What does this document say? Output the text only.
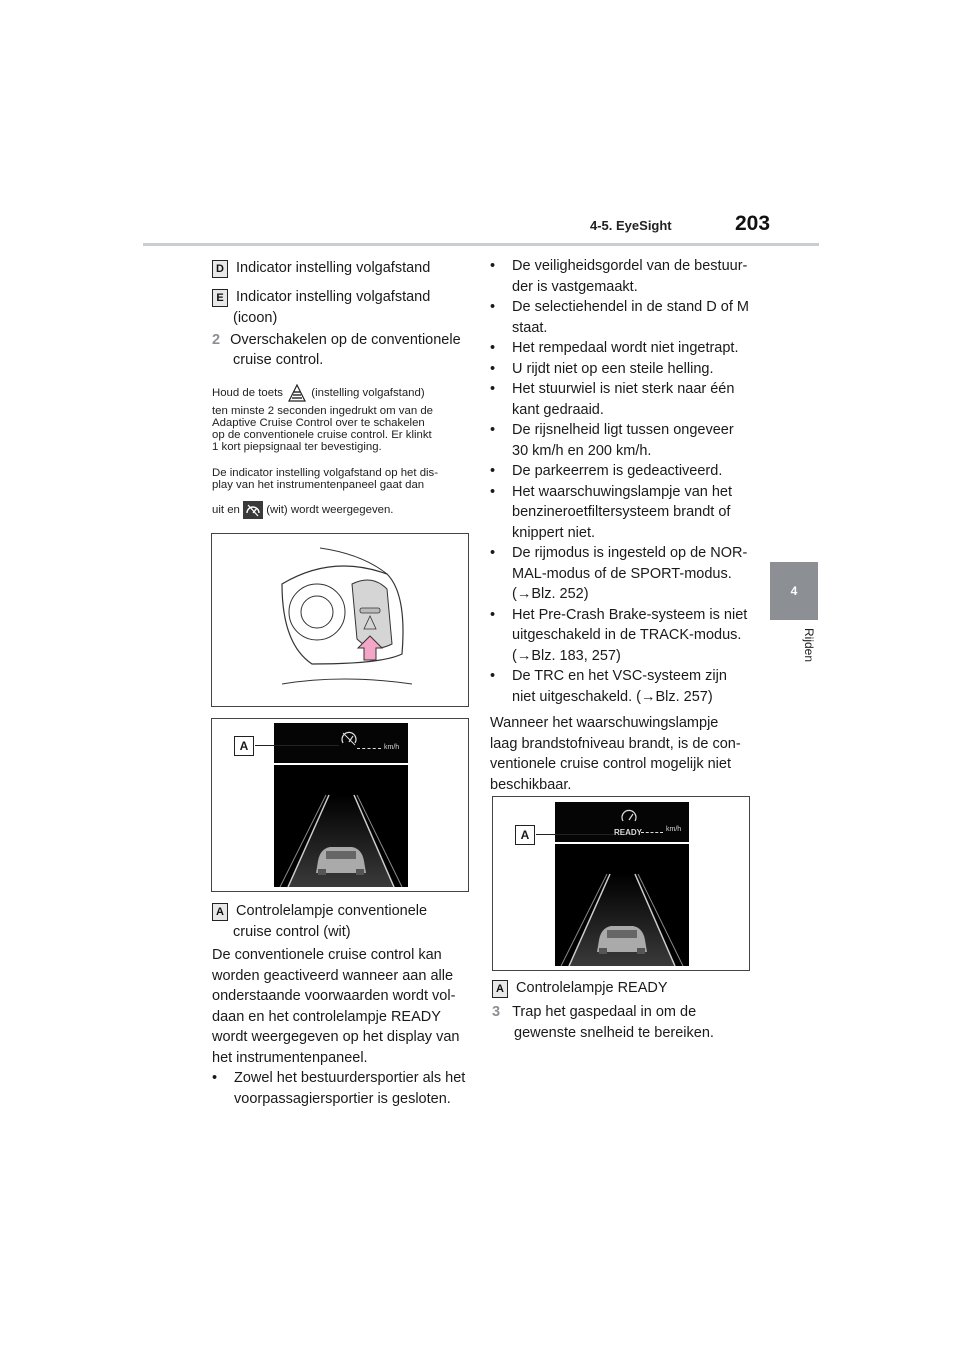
4-5. EyeSight	203
4
Rijden
D Indicator instelling volgafstand
E Indicator instelling volgafstand
(icoon)
2 Overschakelen op de conventionele
cruise control.
Houd de toets (instelling volgafstand)
ten minste 2 seconden ingedrukt om van de
Adaptive Cruise Control over te schakelen
op de conventionele cruise control. Er klinkt
1 kort piepsignaal ter bevestiging.
De indicator instelling volgafstand op het dis-
play van het instrumentenpaneel gaat dan
uit en (wit) wordt weergegeven.
km/h
A
A Controlelampje conventionele
cruise control (wit)
De conventionele cruise control kan
worden geactiveerd wanneer aan alle
onderstaande voorwaarden wordt vol-
daan en het controlelampje READY
wordt weergegeven op het display van
het instrumentenpaneel.
• Zowel het bestuurdersportier als het
voorpassagiersportier is gesloten.
• De veiligheidsgordel van de bestuur-
der is vastgemaakt.
• De selectiehendel in de stand D of M
staat.
• Het rempedaal wordt niet ingetrapt.
• U rijdt niet op een steile helling.
• Het stuurwiel is niet sterk naar één
kant gedraaid.
• De rijsnelheid ligt tussen ongeveer
30 km/h en 200 km/h.
• De parkeerrem is gedeactiveerd.
• Het waarschuwingslampje van het
benzineroetfiltersysteem brandt of
knippert niet.
• De rijmodus is ingesteld op de NOR-
MAL-modus of de SPORT-modus.
(→Blz. 252)
• Het Pre-Crash Brake-systeem is niet
uitgeschakeld in de TRACK-modus.
(→Blz. 183, 257)
• De TRC en het VSC-systeem zijn
niet uitgeschakeld. (→Blz. 257)
Wanneer het waarschuwingslampje
laag brandstofniveau brandt, is de con-
ventionele cruise control mogelijk niet
beschikbaar.
READY	km/h
A
A Controlelampje READY
3 Trap het gaspedaal in om de
gewenste snelheid te bereiken.
